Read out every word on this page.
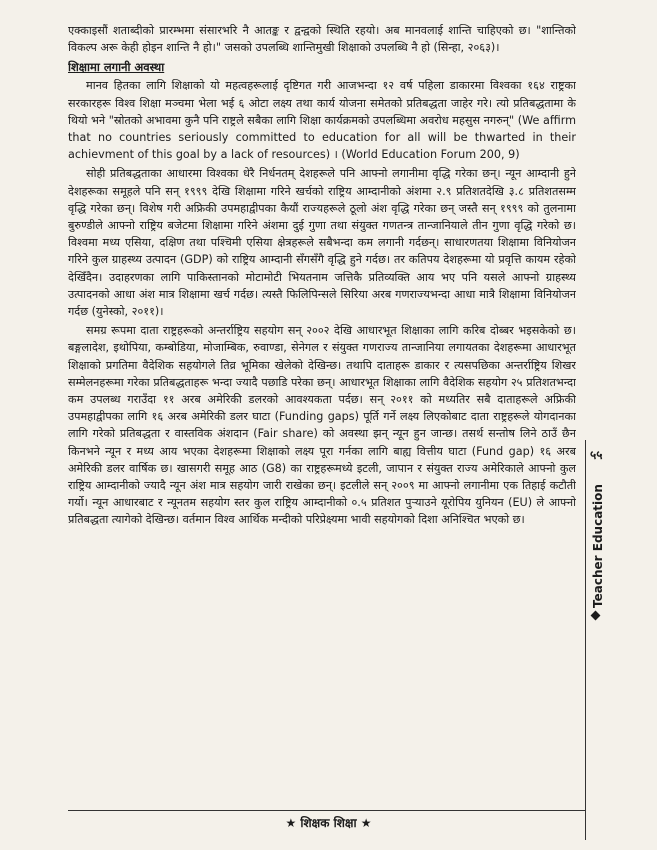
एक्काइसौं शताब्दीको प्रारम्भमा संसारभरि नै आतङ्क र द्वन्द्वको स्थिति रहयो। अब मानवलाई शान्ति चाहिएको छ। "शान्तिको विकल्प अरू केही होइन शान्ति नै हो।" जसको उपलब्धि शान्तिमुखी शिक्षाको उपलब्धि नै हो (सिन्हा, २०६३)।

शिक्षामा लगानी अवस्था

मानव हितका लागि शिक्षाको यो महत्वहरूलाई दृष्टिगत गरी आजभन्दा १२ वर्ष पहिला डाकारमा विश्वका १६४ राष्ट्रका सरकारहरू विश्व शिक्षा मञ्चमा भेला भई ६ ओटा लक्ष्य तथा कार्य योजना समेतको प्रतिबद्धता जाहेर गरे। त्यो प्रतिबद्धतामा के थियो भने "स्रोतको अभावमा कुनै पनि राष्ट्रले सबैका लागि शिक्षा कार्यक्रमको उपलब्धिमा अवरोध महसुस नगरुन्" (We affirm that no countries seriously committed to education for all will be thwarted in their achievment of this goal by a lack of resources) । (World Education Forum 200, 9)

सोही प्रतिबद्धताका आधारमा विश्वका धेरै निर्धनतम् देशहरूले पनि आफ्नो लगानीमा वृद्धि गरेका छन्। न्यून आम्दानी हुने देशहरूका समूहले पनि सन् १९९९ देखि शिक्षामा गरिने खर्चको राष्ट्रिय आम्दानीको अंशमा २.९ प्रतिशतदेखि ३.८ प्रतिशतसम्म वृद्धि गरेका छन्। विशेष गरी अफ्रिकी उपमहाद्वीपका कैयौं राज्यहरूले ठूलो अंश वृद्धि गरेका छन् जस्तै सन् १९९९ को तुलनामा बुरुण्डीले आफ्नो राष्ट्रिय बजेटमा शिक्षामा गरिने अंशमा दुई गुणा तथा संयुक्त गणतन्त्र तान्जानियाले तीन गुणा वृद्धि गरेको छ। विश्वमा मध्य एसिया, दक्षिण तथा पश्चिमी एसिया क्षेत्रहरूले सबैभन्दा कम लगानी गर्दछन्। साधारणतया शिक्षामा विनियोजन गरिने कुल ग्राहस्थ्य उत्पादन (GDP) को राष्ट्रिय आम्दानी सँगसँगै वृद्धि हुने गर्दछ। तर कतिपय देशहरूमा यो प्रवृत्ति कायम रहेको देखिँदैन। उदाहरणका लागि पाकिस्तानको मोटामोटी भियतनाम जत्तिकै प्रतिव्यक्ति आय भए पनि यसले आफ्नो ग्राहस्थ्य उत्पादनको आधा अंश मात्र शिक्षामा खर्च गर्दछ। त्यस्तै फिलिपिन्सले सिरिया अरब गणराज्यभन्दा आधा मात्रै शिक्षामा विनियोजन गर्दछ (युनेस्को, २०११)।

समग्र रूपमा दाता राष्ट्रहरूको अन्तर्राष्ट्रिय सहयोग सन् २००२ देखि आधारभूत शिक्षाका लागि करिब दोब्बर भइसकेको छ। बङ्गलादेश, इथोपिया, कम्बोडिया, मोजाम्बिक, रुवाण्डा, सेनेगल र संयुक्त गणराज्य तान्जानिया लगायतका देशहरूमा आधारभूत शिक्षाको प्रगतिमा वैदेशिक सहयोगले तिव्र भूमिका खेलेको देखिन्छ। तथापि दाताहरू डाकार र त्यसपछिका अन्तर्राष्ट्रिय शिखर सम्मेलनहरूमा गरेका प्रतिबद्धताहरू भन्दा ज्यादै पछाडि परेका छन्। आधारभूत शिक्षाका लागि वैदेशिक सहयोग २५ प्रतिशतभन्दा कम उपलब्ध गराउँदा ११ अरब अमेरिकी डलरको आवश्यकता पर्दछ। सन् २०११ को मध्यतिर सबै दाताहरूले अफ्रिकी उपमहाद्वीपका लागि १६ अरब अमेरिकी डलर घाटा (Funding gaps) पूर्ति गर्ने लक्ष्य लिएकोबाट दाता राष्ट्रहरूले योगदानका लागि गरेको प्रतिबद्धता र वास्तविक अंशदान (Fair share) को अवस्था झन् न्यून हुन जान्छ। तसर्थ सन्तोष लिने ठाउँ छैन किनभने न्यून र मध्य आय भएका देशहरूमा शिक्षाको लक्ष्य पूरा गर्नका लागि बाह्य वित्तीय घाटा (Fund gap) १६ अरब अमेरिकी डलर वार्षिक छ। खासगरी समूह आठ (G8) का राष्ट्रहरूमध्ये इटली, जापान र संयुक्त राज्य अमेरिकाले आफ्नो कुल राष्ट्रिय आम्दानीको ज्यादै न्यून अंश मात्र सहयोग जारी राखेका छन्। इटलीले सन् २००९ मा आफ्नो लगानीमा एक तिहाई कटौती गर्यो। न्यून आधारबाट र न्यूनतम सहयोग स्तर कुल राष्ट्रिय आम्दानीको ०.५ प्रतिशत पुऱ्याउने यूरोपिय युनियन (EU) ले आफ्नो प्रतिबद्धता त्यागेको देखिन्छ। वर्तमान विश्व आर्थिक मन्दीको परिप्रेक्ष्यमा भावी सहयोगको दिशा अनिश्चित भएको छ।

५५
Teacher Education
★ शिक्षक शिक्षा ★
